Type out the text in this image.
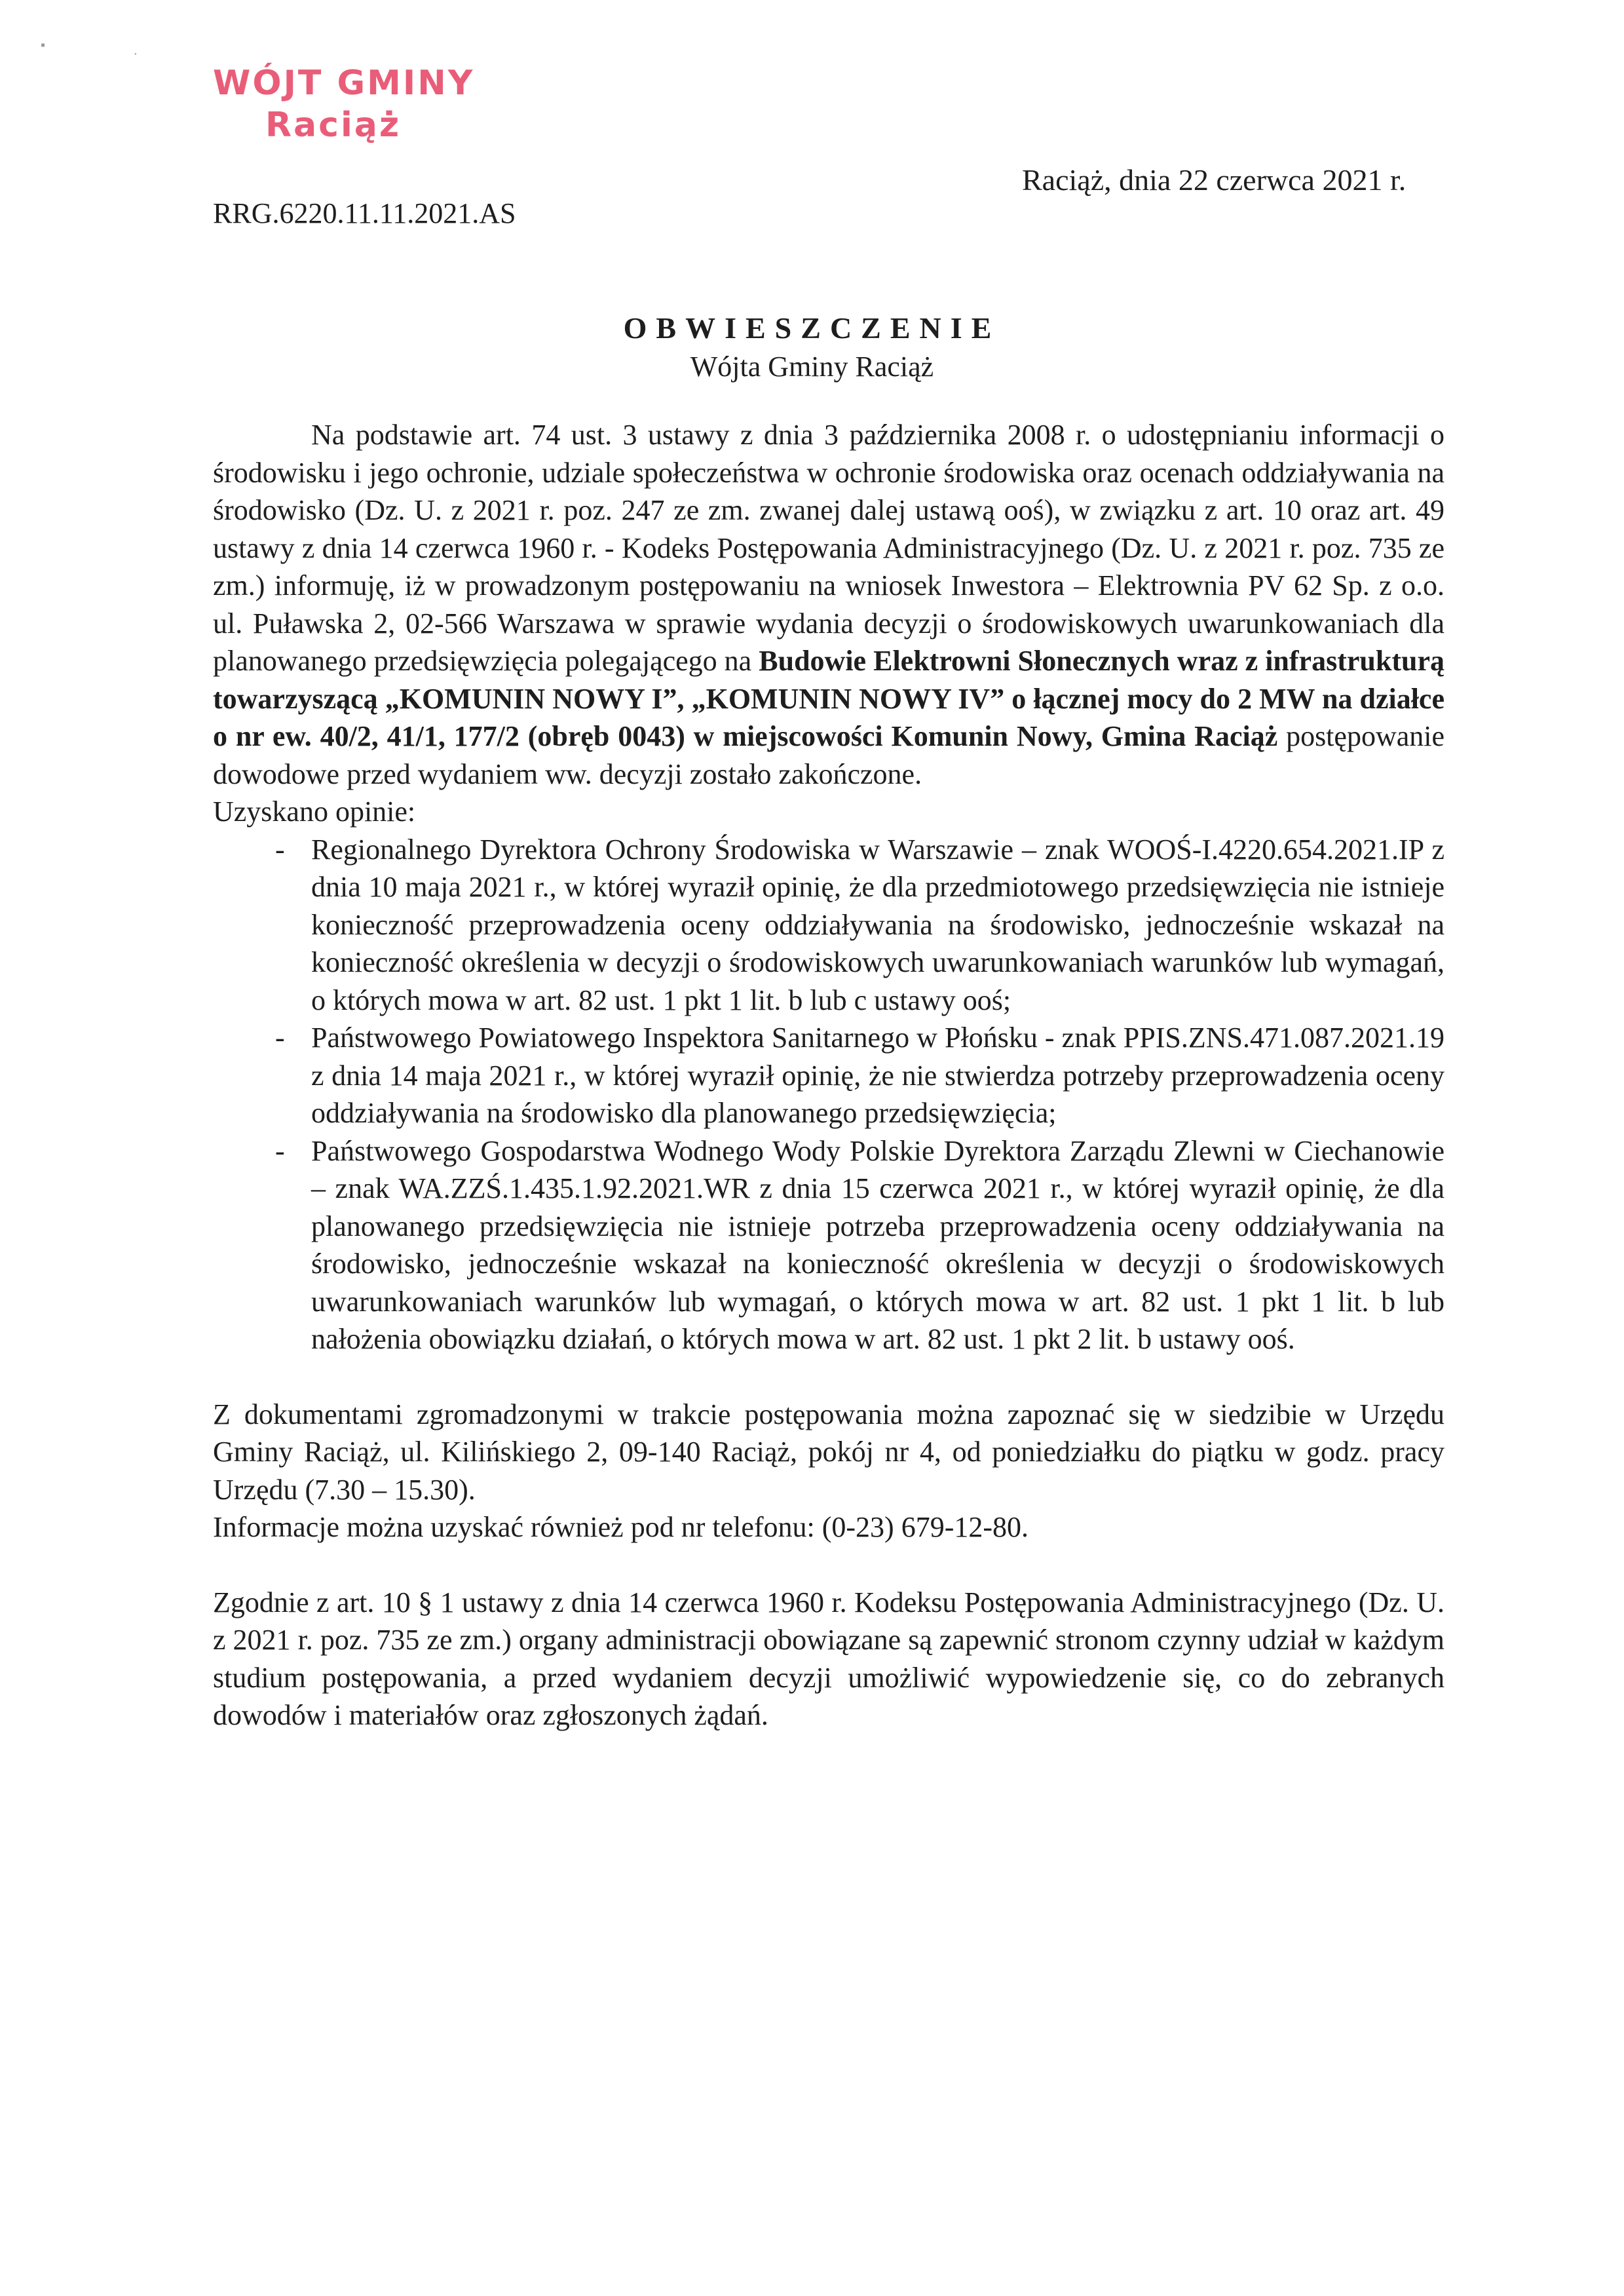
▪
•
WÓJT GMINY
Raciąż
RRG.6220.11.11.2021.AS
Raciąż, dnia 22 czerwca 2021 r.
OBWIESZCZENIE
Wójta Gminy Raciąż

Na podstawie art. 74 ust. 3 ustawy z dnia 3 października 2008 r. o udostępnianiu informacji o środowisku i jego ochronie, udziale społeczeństwa w ochronie środowiska oraz ocenach oddziaływania na środowisko (Dz. U. z 2021 r. poz. 247 ze zm. zwanej dalej ustawą ooś), w związku z art. 10 oraz art. 49 ustawy z dnia 14 czerwca 1960 r. - Kodeks Postępowania Administracyjnego (Dz. U. z 2021 r. poz. 735 ze zm.) informuję, iż w prowadzonym postępowaniu na wniosek Inwestora – Elektrownia PV 62 Sp. z o.o. ul. Puławska 2, 02-566 Warszawa w sprawie wydania decyzji o środowiskowych uwarunkowaniach dla planowanego przedsięwzięcia polegającego na Budowie Elektrowni Słonecznych wraz z infrastrukturą towarzyszącą „KOMUNIN NOWY I”, „KOMUNIN NOWY IV” o łącznej mocy do 2 MW na działce o nr ew. 40/2, 41/1, 177/2 (obręb 0043) w miejscowości Komunin Nowy, Gmina Raciąż postępowanie dowodowe przed wydaniem ww. decyzji zostało zakończone.

Uzyskano opinie:

- Regionalnego Dyrektora Ochrony Środowiska w Warszawie – znak WOOŚ-I.4220.654.2021.IP z dnia 10 maja 2021 r., w której wyraził opinię, że dla przedmiotowego przedsięwzięcia nie istnieje konieczność przeprowadzenia oceny oddziaływania na środowisko, jednocześnie wskazał na konieczność określenia w decyzji o środowiskowych uwarunkowaniach warunków lub wymagań, o których mowa w art. 82 ust. 1 pkt 1 lit. b lub c ustawy ooś;
- Państwowego Powiatowego Inspektora Sanitarnego w Płońsku - znak PPIS.ZNS.471.087.2021.19 z dnia 14 maja 2021 r., w której wyraził opinię, że nie stwierdza potrzeby przeprowadzenia oceny oddziaływania na środowisko dla planowanego przedsięwzięcia;
- Państwowego Gospodarstwa Wodnego Wody Polskie Dyrektora Zarządu Zlewni w Ciechanowie – znak WA.ZZŚ.1.435.1.92.2021.WR z dnia 15 czerwca 2021 r., w której wyraził opinię, że dla planowanego przedsięwzięcia nie istnieje potrzeba przeprowadzenia oceny oddziaływania na środowisko, jednocześnie wskazał na konieczność określenia w decyzji o środowiskowych uwarunkowaniach warunków lub wymagań, o których mowa w art. 82 ust. 1 pkt 1 lit. b lub nałożenia obowiązku działań, o których mowa w art. 82 ust. 1 pkt 2 lit. b ustawy ooś.

Z dokumentami zgromadzonymi w trakcie postępowania można zapoznać się w siedzibie w Urzędu Gminy Raciąż, ul. Kilińskiego 2, 09-140 Raciąż, pokój nr 4, od poniedziałku do piątku w godz. pracy Urzędu (7.30 – 15.30).

Informacje można uzyskać również pod nr telefonu: (0-23) 679-12-80.

Zgodnie z art. 10 § 1 ustawy z dnia 14 czerwca 1960 r. Kodeksu Postępowania Administracyjnego (Dz. U. z 2021 r. poz. 735 ze zm.) organy administracji obowiązane są zapewnić stronom czynny udział w każdym studium postępowania, a przed wydaniem decyzji umożliwić wypowiedzenie się, co do zebranych dowodów i materiałów oraz zgłoszonych żądań.
